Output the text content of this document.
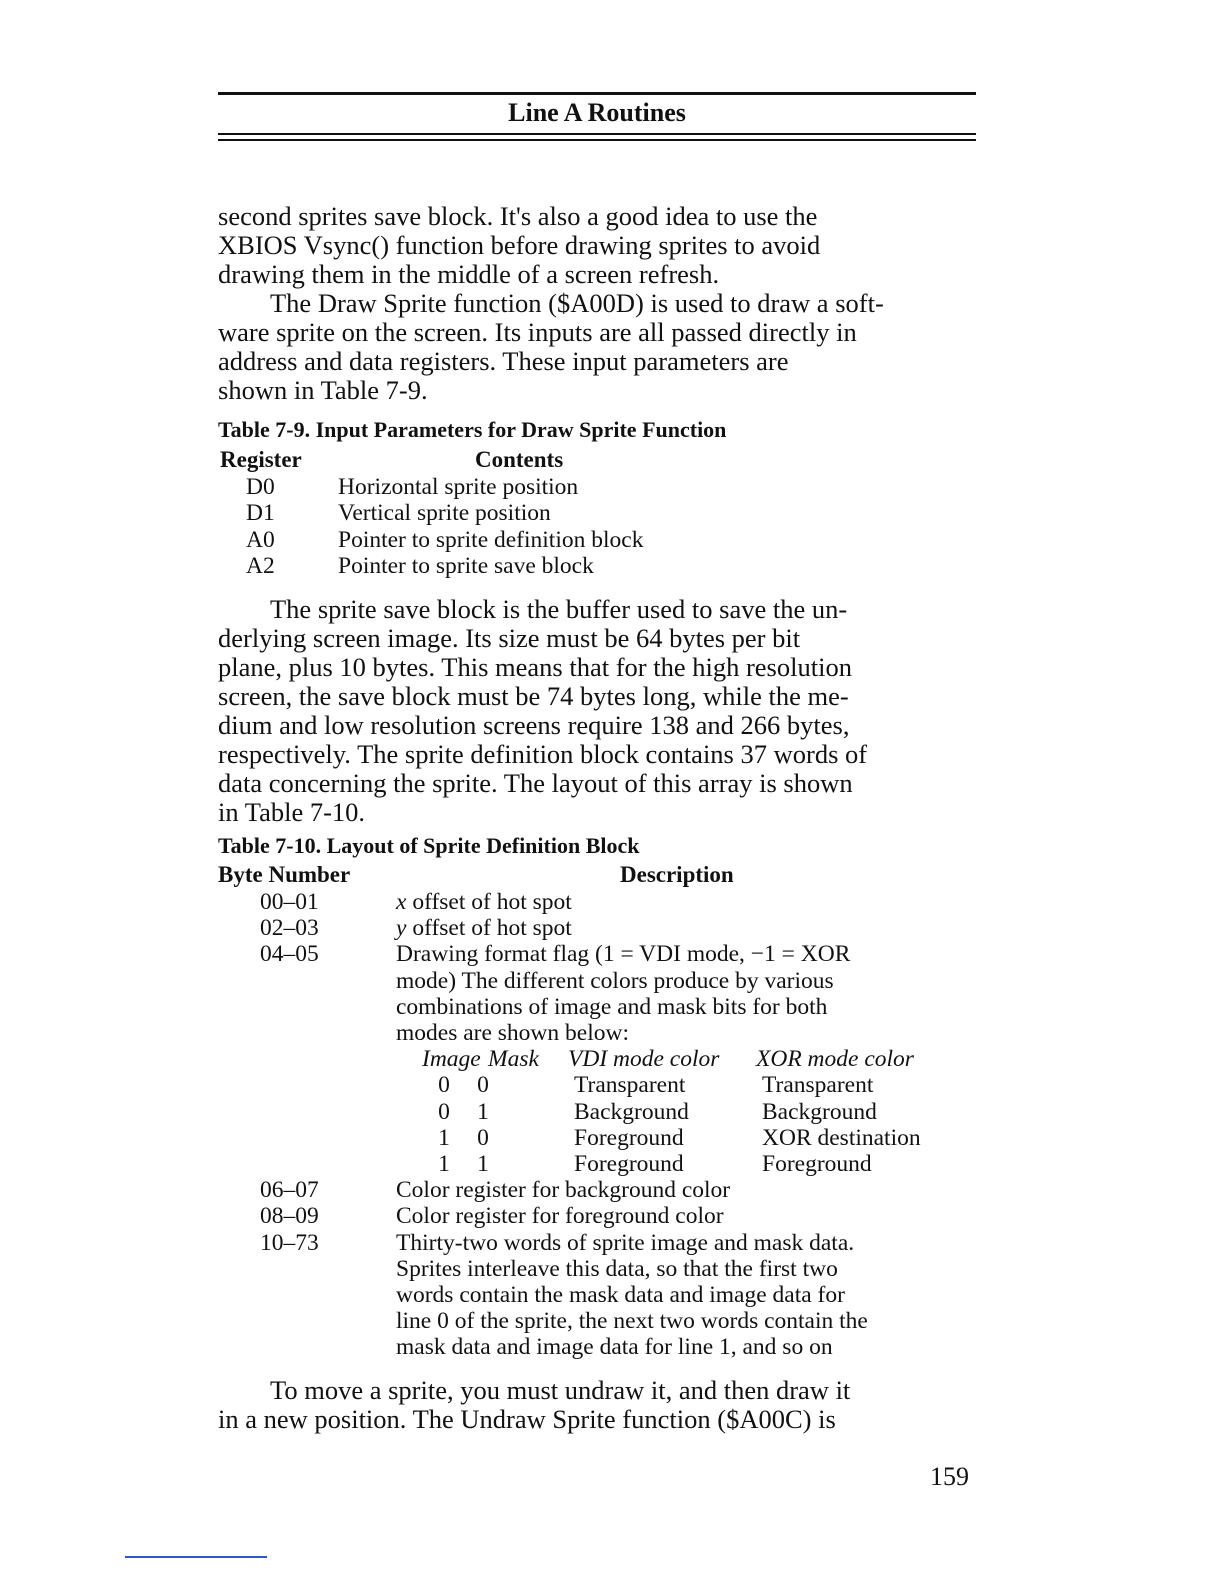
Line A Routines
second sprites save block. It's also a good idea to use the
XBIOS Vsync() function before drawing sprites to avoid
drawing them in the middle of a screen refresh.
The Draw Sprite function ($A00D) is used to draw a soft-
ware sprite on the screen. Its inputs are all passed directly in
address and data registers. These input parameters are
shown in Table 7-9.
Table 7-9. Input Parameters for Draw Sprite Function
Register	Contents
D0	Horizontal sprite position
D1	Vertical sprite position
A0	Pointer to sprite definition block
A2	Pointer to sprite save block
The sprite save block is the buffer used to save the un-
derlying screen image. Its size must be 64 bytes per bit
plane, plus 10 bytes. This means that for the high resolution
screen, the save block must be 74 bytes long, while the me-
dium and low resolution screens require 138 and 266 bytes,
respectively. The sprite definition block contains 37 words of
data concerning the sprite. The layout of this array is shown
in Table 7-10.
Table 7-10. Layout of Sprite Definition Block
Byte Number	Description
00–01	x offset of hot spot
02–03	y offset of hot spot
04–05	Drawing format flag (1 = VDI mode, −1 = XOR
mode) The different colors produce by various
combinations of image and mask bits for both
modes are shown below:
Image Mask	VDI mode color	XOR mode color
0	0	Transparent	Transparent
0	1	Background	Background
1	0	Foreground	XOR destination
1	1	Foreground	Foreground
06–07	Color register for background color
08–09	Color register for foreground color
10–73	Thirty-two words of sprite image and mask data.
Sprites interleave this data, so that the first two
words contain the mask data and image data for
line 0 of the sprite, the next two words contain the
mask data and image data for line 1, and so on
To move a sprite, you must undraw it, and then draw it
in a new position. The Undraw Sprite function ($A00C) is
159
